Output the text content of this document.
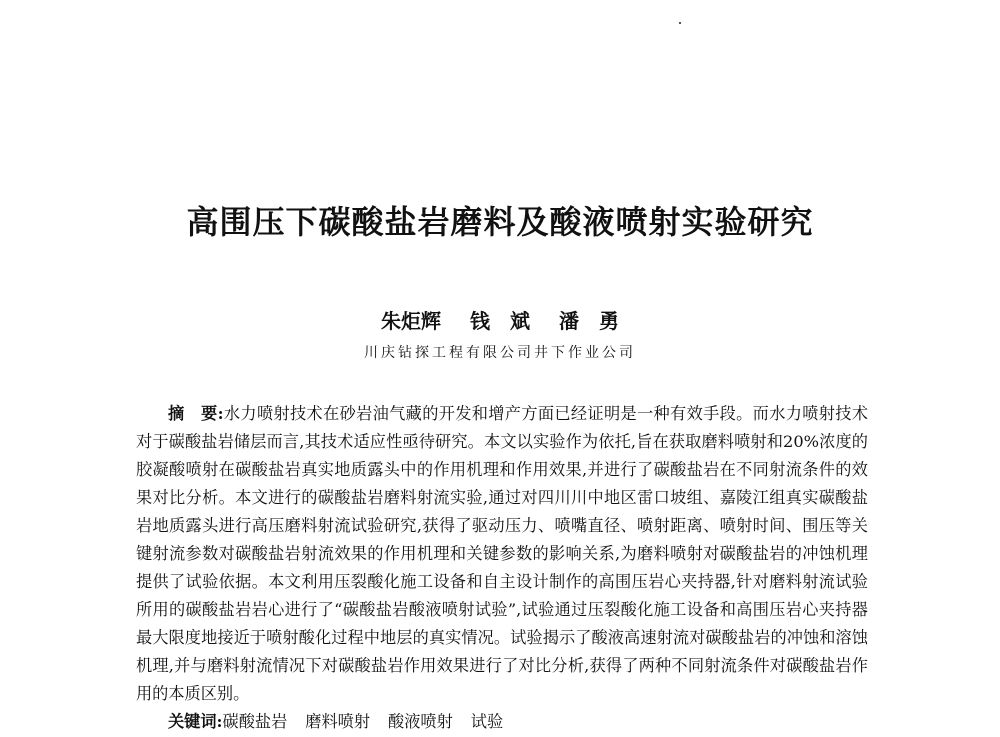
高围压下碳酸盐岩磨料及酸液喷射实验研究
朱炬辉 钱　斌 潘　勇
川庆钻探工程有限公司井下作业公司
摘　要:水力喷射技术在砂岩油气藏的开发和增产方面已经证明是一种有效手段。而水力喷射技术对于碳酸盐岩储层而言,其技术适应性亟待研究。本文以实验作为依托,旨在获取磨料喷射和20%浓度的胶凝酸喷射在碳酸盐岩真实地质露头中的作用机理和作用效果,并进行了碳酸盐岩在不同射流条件的效果对比分析。本文进行的碳酸盐岩磨料射流实验,通过对四川川中地区雷口坡组、嘉陵江组真实碳酸盐岩地质露头进行高压磨料射流试验研究,获得了驱动压力、喷嘴直径、喷射距离、喷射时间、围压等关键射流参数对碳酸盐岩射流效果的作用机理和关键参数的影响关系,为磨料喷射对碳酸盐岩的冲蚀机理提供了试验依据。本文利用压裂酸化施工设备和自主设计制作的高围压岩心夹持器,针对磨料射流试验所用的碳酸盐岩岩心进行了“碳酸盐岩酸液喷射试验”,试验通过压裂酸化施工设备和高围压岩心夹持器最大限度地接近于喷射酸化过程中地层的真实情况。试验揭示了酸液高速射流对碳酸盐岩的冲蚀和溶蚀机理,并与磨料射流情况下对碳酸盐岩作用效果进行了对比分析,获得了两种不同射流条件对碳酸盐岩作用的本质区别。
关键词:碳酸盐岩 磨料喷射 酸液喷射 试验
